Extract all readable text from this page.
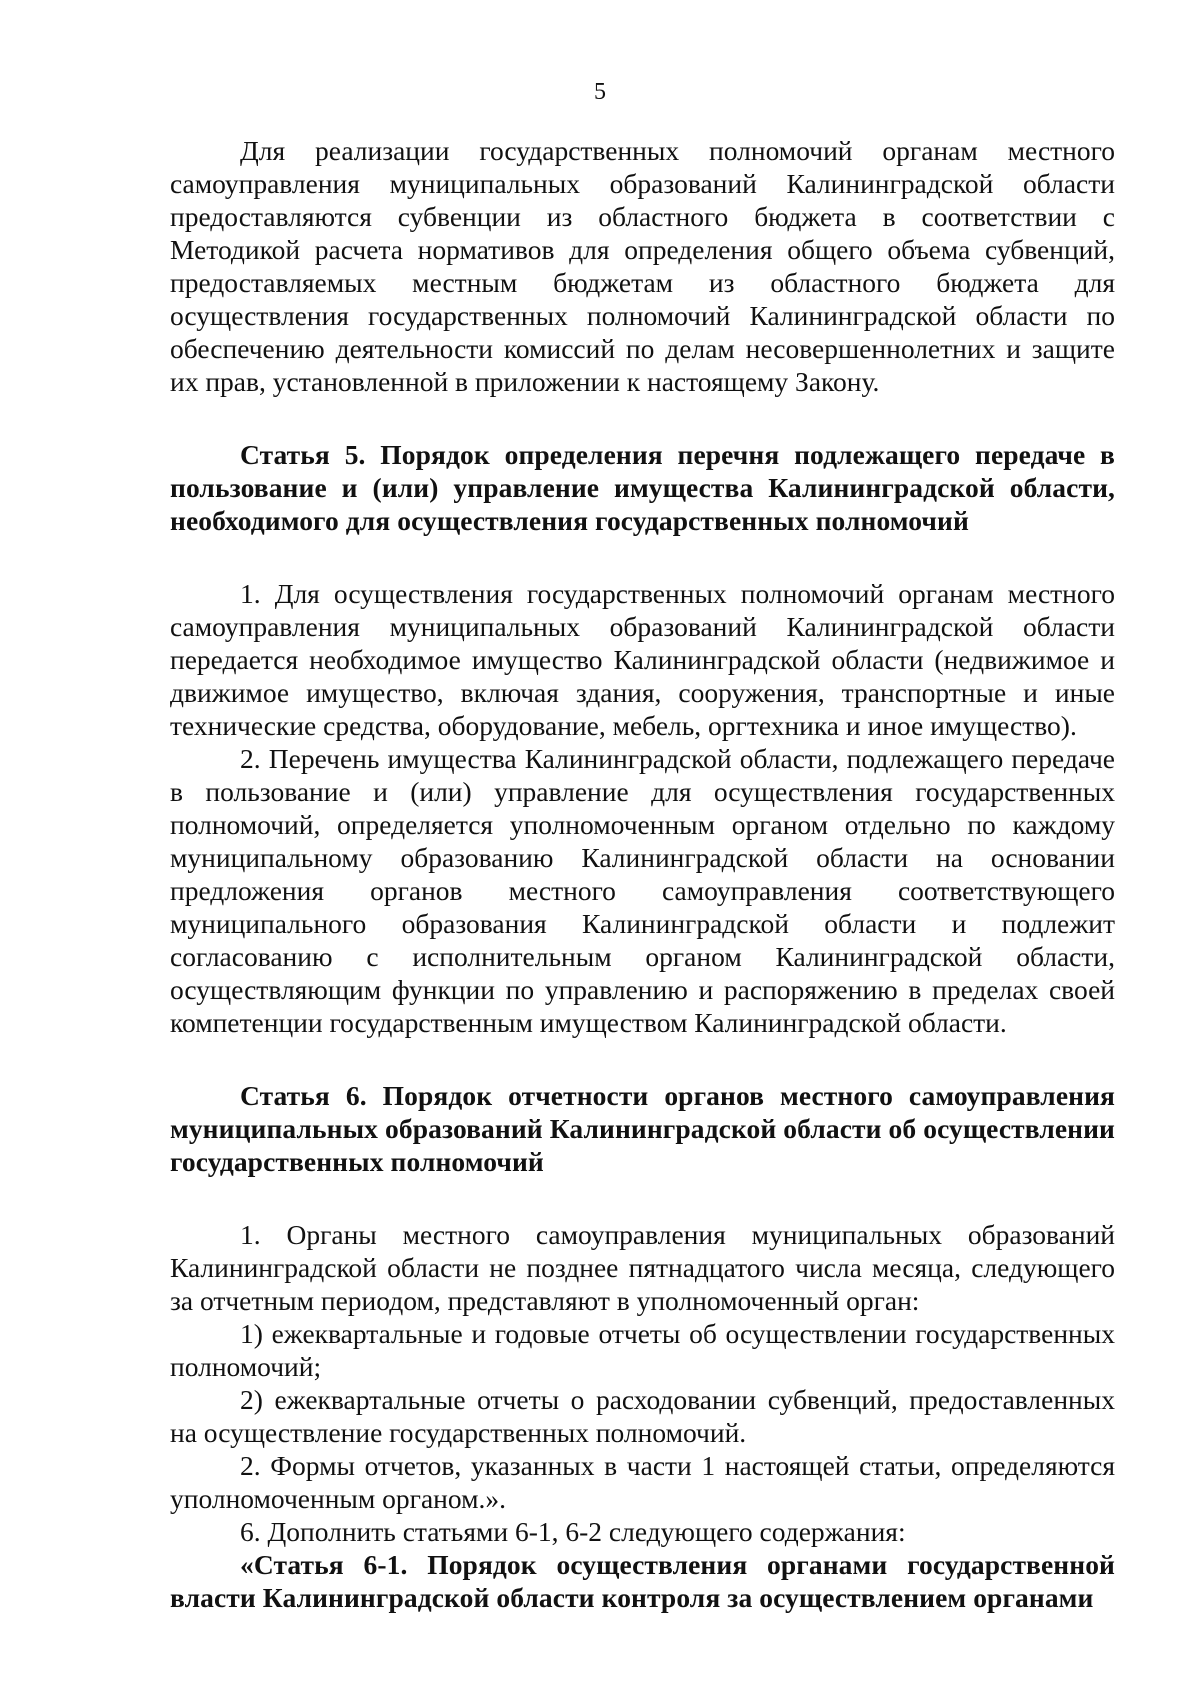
5

Для реализации государственных полномочий органам местного самоуправления муниципальных образований Калининградской области предоставляются субвенции из областного бюджета в соответствии с Методикой расчета нормативов для определения общего объема субвенций, предоставляемых местным бюджетам из областного бюджета для осуществления государственных полномочий Калининградской области по обеспечению деятельности комиссий по делам несовершеннолетних и защите их прав, установленной в приложении к настоящему Закону.

Статья 5. Порядок определения перечня подлежащего передаче в пользование и (или) управление имущества Калининградской области, необходимого для осуществления государственных полномочий

1. Для осуществления государственных полномочий органам местного самоуправления муниципальных образований Калининградской области передается необходимое имущество Калининградской области (недвижимое и движимое имущество, включая здания, сооружения, транспортные и иные технические средства, оборудование, мебель, оргтехника и иное имущество).

2. Перечень имущества Калининградской области, подлежащего передаче в пользование и (или) управление для осуществления государственных полномочий, определяется уполномоченным органом отдельно по каждому муниципальному образованию Калининградской области на основании предложения органов местного самоуправления соответствующего муниципального образования Калининградской области и подлежит согласованию с исполнительным органом Калининградской области, осуществляющим функции по управлению и распоряжению в пределах своей компетенции государственным имуществом Калининградской области.

Статья 6. Порядок отчетности органов местного самоуправления муниципальных образований Калининградской области об осуществлении государственных полномочий

1. Органы местного самоуправления муниципальных образований Калининградской области не позднее пятнадцатого числа месяца, следующего за отчетным периодом, представляют в уполномоченный орган:

1) ежеквартальные и годовые отчеты об осуществлении государственных полномочий;

2) ежеквартальные отчеты о расходовании субвенций, предоставленных на осуществление государственных полномочий.

2. Формы отчетов, указанных в части 1 настоящей статьи, определяются уполномоченным органом.».

6. Дополнить статьями 6-1, 6-2 следующего содержания:

«Статья 6-1. Порядок осуществления органами государственной власти Калининградской области контроля за осуществлением органами
